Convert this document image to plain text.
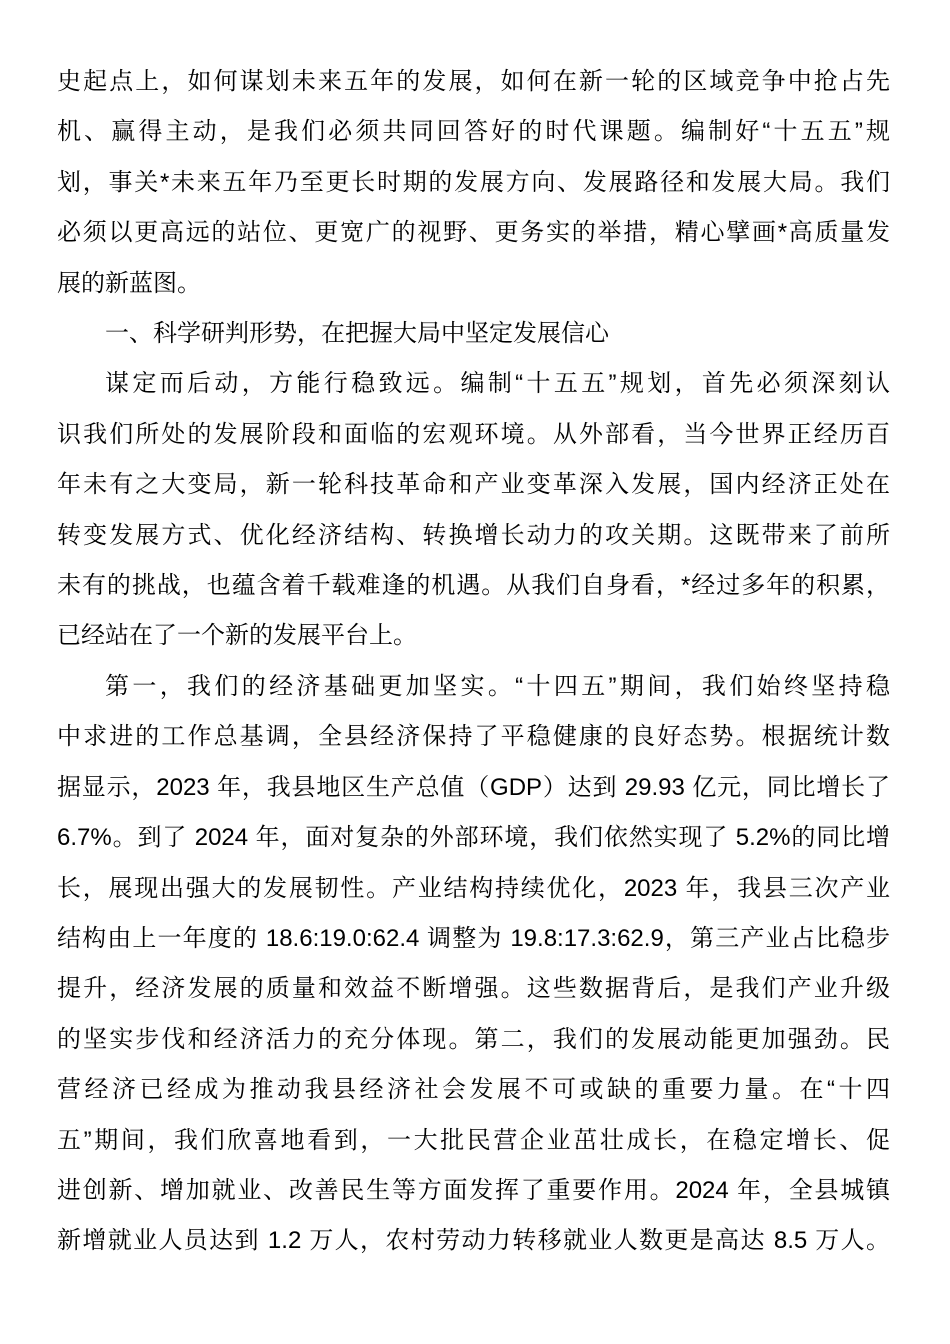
史起点上，如何谋划未来五年的发展，如何在新一轮的区域竞争中抢占先
机、赢得主动，是我们必须共同回答好的时代课题。编制好“十五五”规
划，事关*未来五年乃至更长时期的发展方向、发展路径和发展大局。我们
必须以更高远的站位、更宽广的视野、更务实的举措，精心擘画*高质量发
展的新蓝图。
一、科学研判形势，在把握大局中坚定发展信心
谋定而后动，方能行稳致远。编制“十五五”规划，首先必须深刻认
识我们所处的发展阶段和面临的宏观环境。从外部看，当今世界正经历百
年未有之大变局，新一轮科技革命和产业变革深入发展，国内经济正处在
转变发展方式、优化经济结构、转换增长动力的攻关期。这既带来了前所
未有的挑战，也蕴含着千载难逢的机遇。从我们自身看，*经过多年的积累，
已经站在了一个新的发展平台上。
第一，我们的经济基础更加坚实。“十四五”期间，我们始终坚持稳
中求进的工作总基调，全县经济保持了平稳健康的良好态势。根据统计数
据显示，2023 年，我县地区生产总值（GDP）达到 29.93 亿元，同比增长了
6.7%。到了 2024 年，面对复杂的外部环境，我们依然实现了 5.2%的同比增
长，展现出强大的发展韧性。产业结构持续优化，2023 年，我县三次产业
结构由上一年度的 18.6:19.0:62.4 调整为 19.8:17.3:62.9，第三产业占比稳步
提升，经济发展的质量和效益不断增强。这些数据背后，是我们产业升级
的坚实步伐和经济活力的充分体现。第二，我们的发展动能更加强劲。民
营经济已经成为推动我县经济社会发展不可或缺的重要力量。在“十四
五”期间，我们欣喜地看到，一大批民营企业茁壮成长，在稳定增长、促
进创新、增加就业、改善民生等方面发挥了重要作用。2024 年，全县城镇
新增就业人员达到 1.2 万人，农村劳动力转移就业人数更是高达 8.5 万人。
